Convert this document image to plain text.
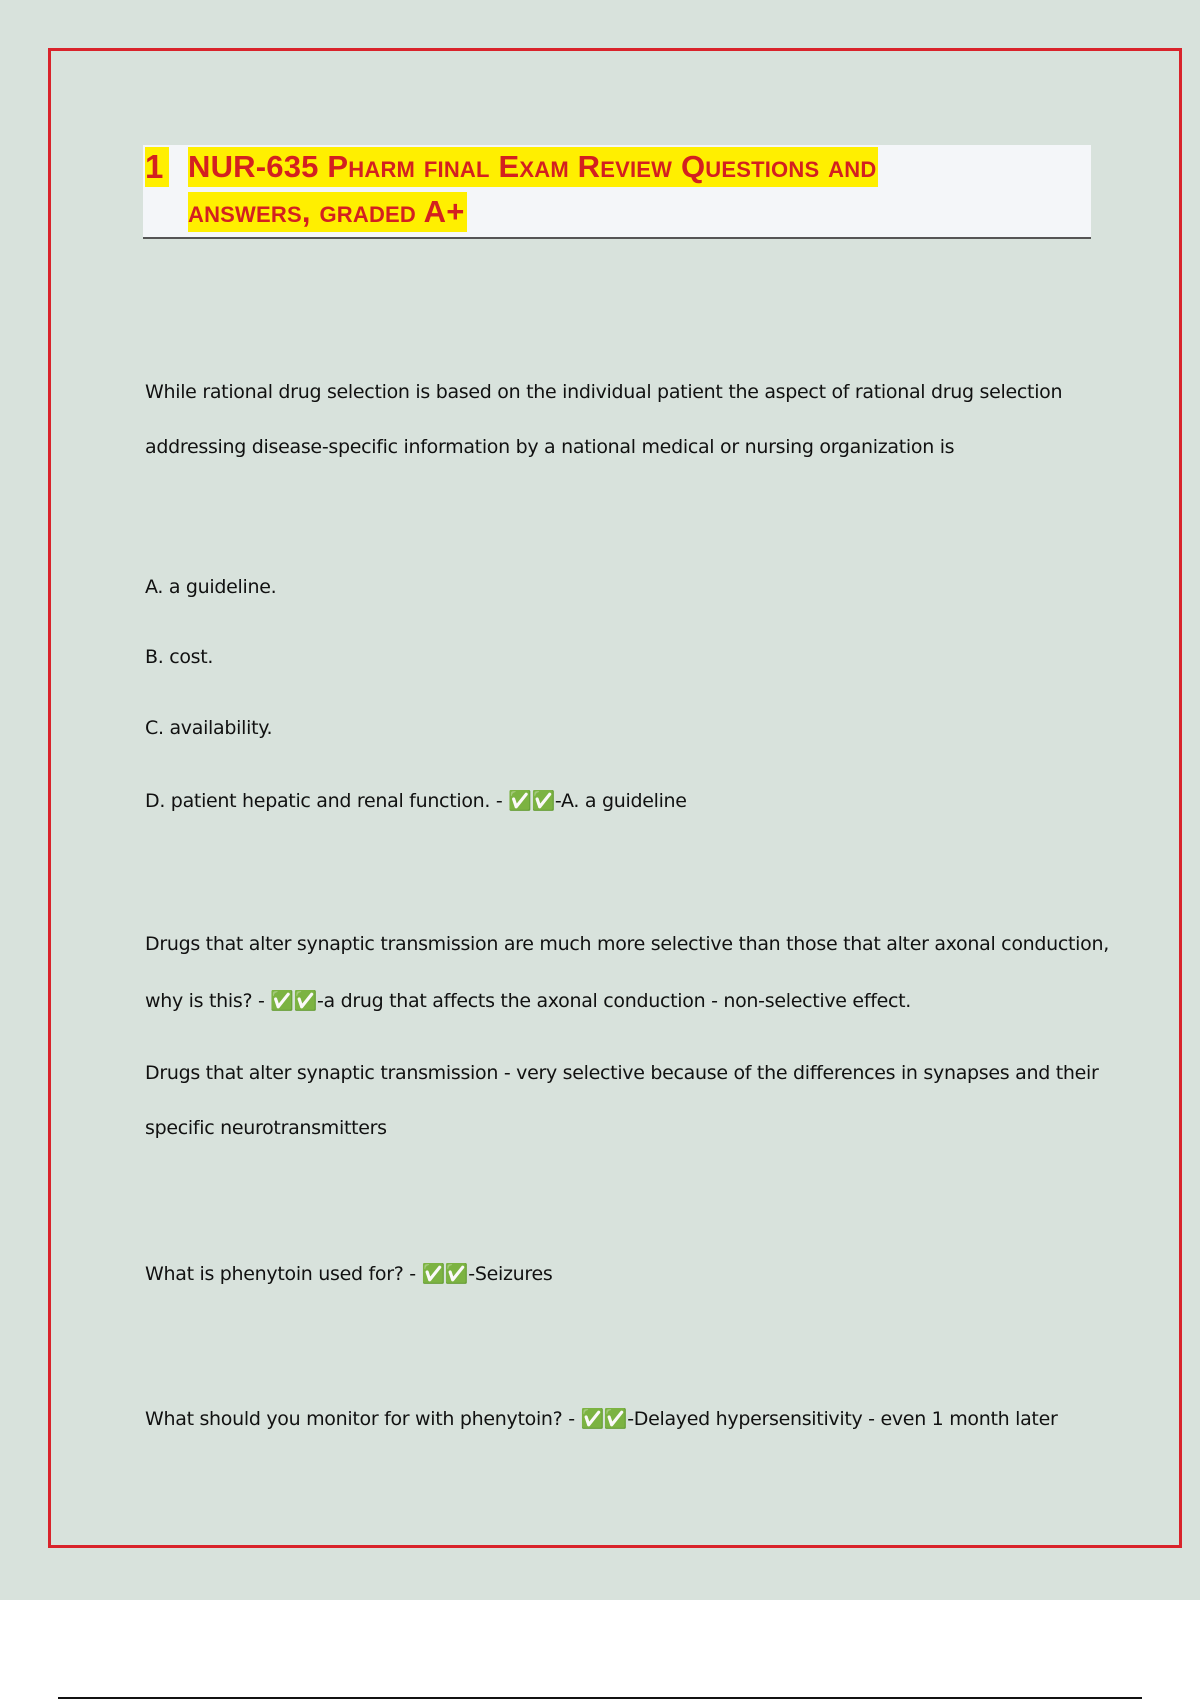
1 NUR-635 Pharm final Exam Review Questions and
answers, graded A+
While rational drug selection is based on the individual patient the aspect of rational drug selection
addressing disease-specific information by a national medical or nursing organization is
A. a guideline.
B. cost.
C. availability.
D. patient hepatic and renal function. - ✅✅-A. a guideline
Drugs that alter synaptic transmission are much more selective than those that alter axonal conduction,
why is this? - ✅✅-a drug that affects the axonal conduction - non-selective effect.
Drugs that alter synaptic transmission - very selective because of the differences in synapses and their
specific neurotransmitters
What is phenytoin used for? - ✅✅-Seizures
What should you monitor for with phenytoin? - ✅✅-Delayed hypersensitivity - even 1 month later
